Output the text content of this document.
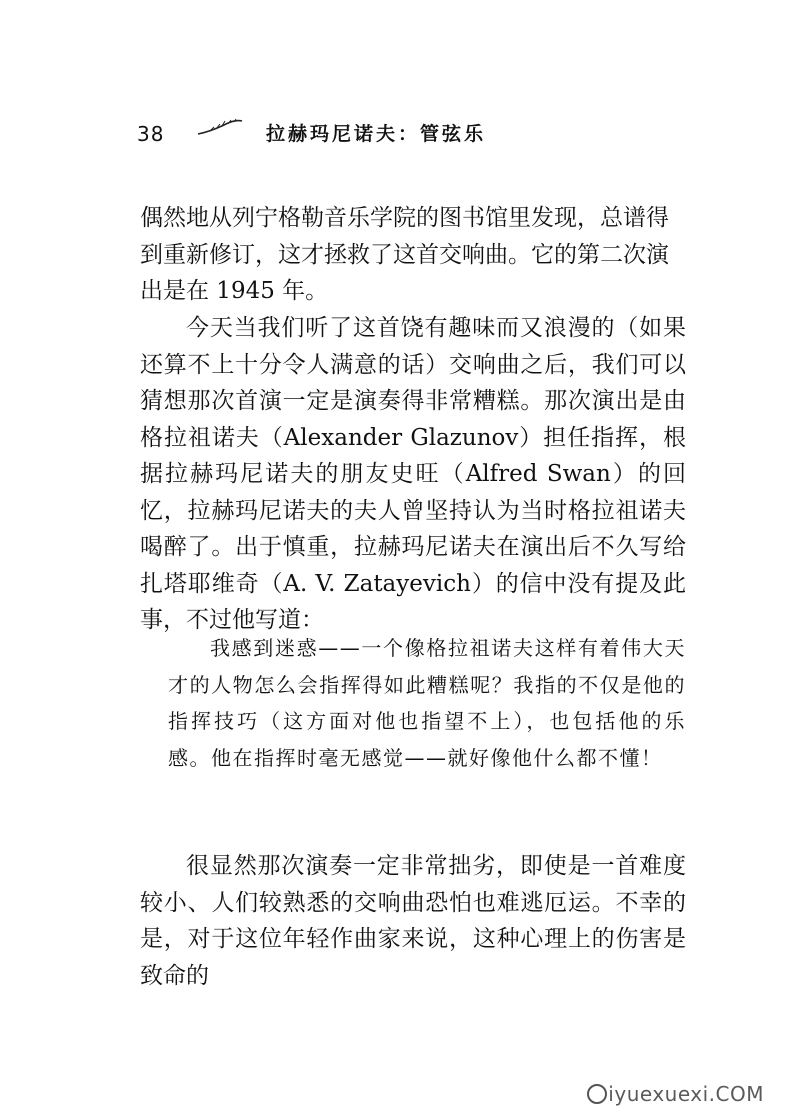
38	拉赫玛尼诺夫：管弦乐
偶然地从列宁格勒音乐学院的图书馆里发现，总谱得到重新修订，这才拯救了这首交响曲。它的第二次演出是在 1945 年。
今天当我们听了这首饶有趣味而又浪漫的（如果还算不上十分令人满意的话）交响曲之后，我们可以猜想那次首演一定是演奏得非常糟糕。那次演出是由格拉祖诺夫（Alexander Glazunov）担任指挥，根据拉赫玛尼诺夫的朋友史旺（Alfred Swan）的回忆，拉赫玛尼诺夫的夫人曾坚持认为当时格拉祖诺夫喝醉了。出于慎重，拉赫玛尼诺夫在演出后不久写给扎塔耶维奇（A. V. Zatayevich）的信中没有提及此事，不过他写道：
我感到迷惑——一个像格拉祖诺夫这样有着伟大天才的人物怎么会指挥得如此糟糕呢？我指的不仅是他的指挥技巧（这方面对他也指望不上），也包括他的乐感。他在指挥时毫无感觉——就好像他什么都不懂！
很显然那次演奏一定非常拙劣，即使是一首难度较小、人们较熟悉的交响曲恐怕也难逃厄运。不幸的是，对于这位年轻作曲家来说，这种心理上的伤害是致命的
iyuexuexi.COM
